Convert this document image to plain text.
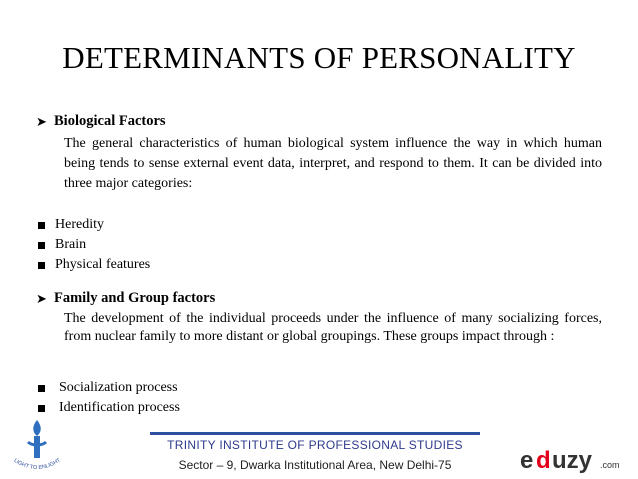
DETERMINANTS OF PERSONALITY
➤ Biological Factors
The general characteristics of human biological system influence the way in which human being tends to sense external event data, interpret, and respond to them. It can be divided into three major categories:
Heredity
Brain
Physical features
➤ Family and Group factors
The development of the individual proceeds under the influence of many socializing forces, from nuclear family to more distant or global groupings. These groups impact through :
Socialization process
Identification process
TRINITY INSTITUTE OF PROFESSIONAL STUDIES
Sector – 9, Dwarka Institutional Area, New Delhi-75
LIGHT TO ENLIGHT	e d uzy .com
